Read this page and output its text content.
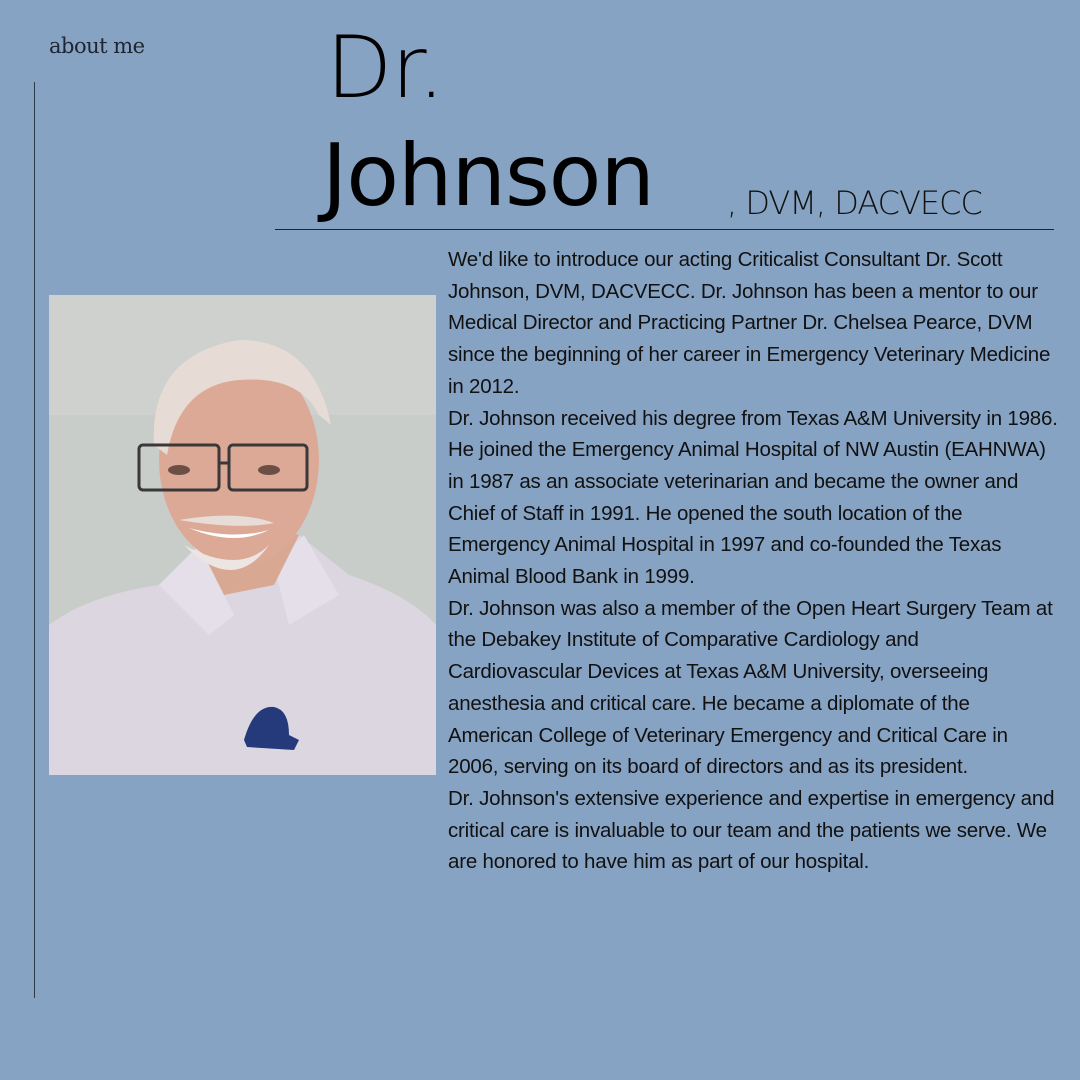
about me Dr.
Johnson , DVM, DACVECC

We'd like to introduce our acting Criticalist Consultant Dr. Scott Johnson, DVM, DACVECC. Dr. Johnson has been a mentor to our Medical Director and Practicing Partner Dr. Chelsea Pearce, DVM since the beginning of her career in Emergency Veterinary Medicine in 2012.

Dr. Johnson received his degree from Texas A&M University in 1986. He joined the Emergency Animal Hospital of NW Austin (EAHNWA) in 1987 as an associate veterinarian and became the owner and Chief of Staff in 1991. He opened the south location of the Emergency Animal Hospital in 1997 and co-founded the Texas Animal Blood Bank in 1999.

Dr. Johnson was also a member of the Open Heart Surgery Team at the Debakey Institute of Comparative Cardiology and Cardiovascular Devices at Texas A&M University, overseeing anesthesia and critical care. He became a diplomate of the American College of Veterinary Emergency and Critical Care in 2006, serving on its board of directors and as its president.

Dr. Johnson's extensive experience and expertise in emergency and critical care is invaluable to our team and the patients we serve. We are honored to have him as part of our hospital.
